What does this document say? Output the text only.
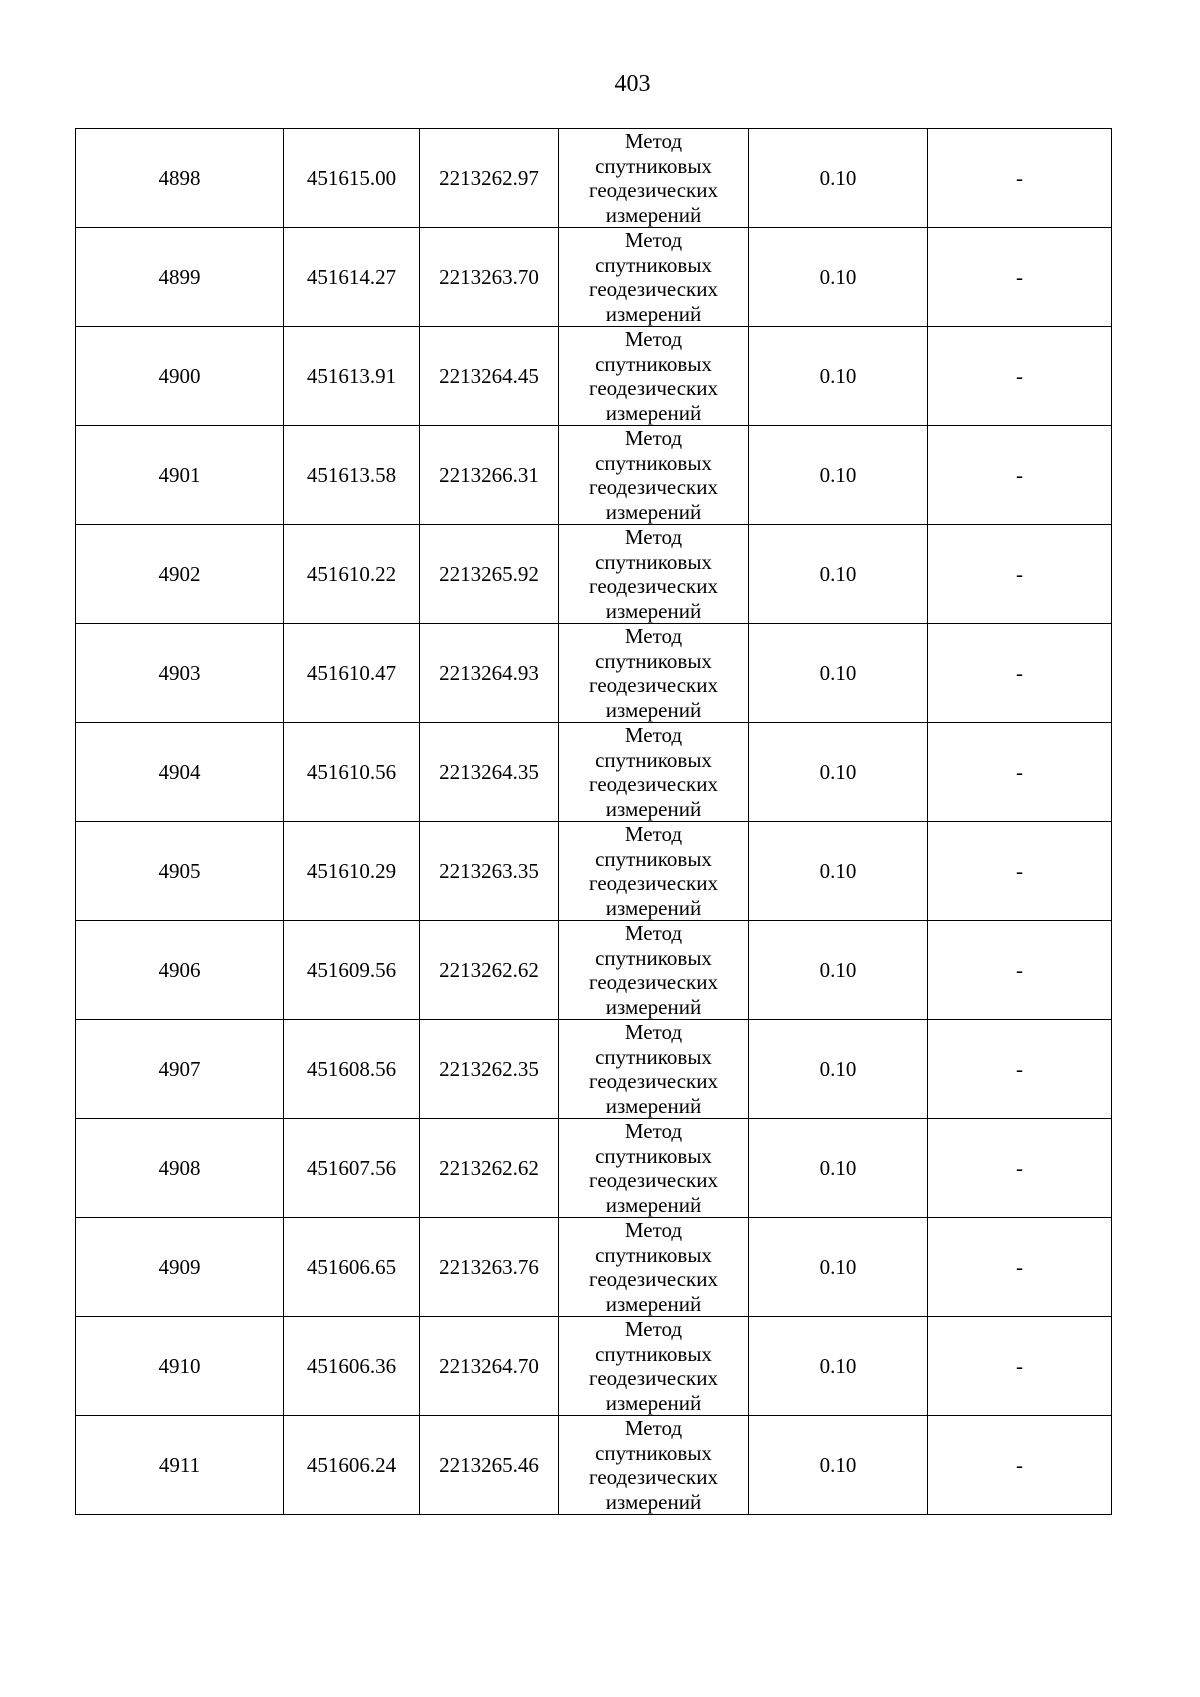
403
4898	451615.00	2213262.97	Метод
спутниковых
геодезических
измерений	0.10	-
4899	451614.27	2213263.70	Метод
спутниковых
геодезических
измерений	0.10	-
4900	451613.91	2213264.45	Метод
спутниковых
геодезических
измерений	0.10	-
4901	451613.58	2213266.31	Метод
спутниковых
геодезических
измерений	0.10	-
4902	451610.22	2213265.92	Метод
спутниковых
геодезических
измерений	0.10	-
4903	451610.47	2213264.93	Метод
спутниковых
геодезических
измерений	0.10	-
4904	451610.56	2213264.35	Метод
спутниковых
геодезических
измерений	0.10	-
4905	451610.29	2213263.35	Метод
спутниковых
геодезических
измерений	0.10	-
4906	451609.56	2213262.62	Метод
спутниковых
геодезических
измерений	0.10	-
4907	451608.56	2213262.35	Метод
спутниковых
геодезических
измерений	0.10	-
4908	451607.56	2213262.62	Метод
спутниковых
геодезических
измерений	0.10	-
4909	451606.65	2213263.76	Метод
спутниковых
геодезических
измерений	0.10	-
4910	451606.36	2213264.70	Метод
спутниковых
геодезических
измерений	0.10	-
4911	451606.24	2213265.46	Метод
спутниковых
геодезических
измерений	0.10	-
